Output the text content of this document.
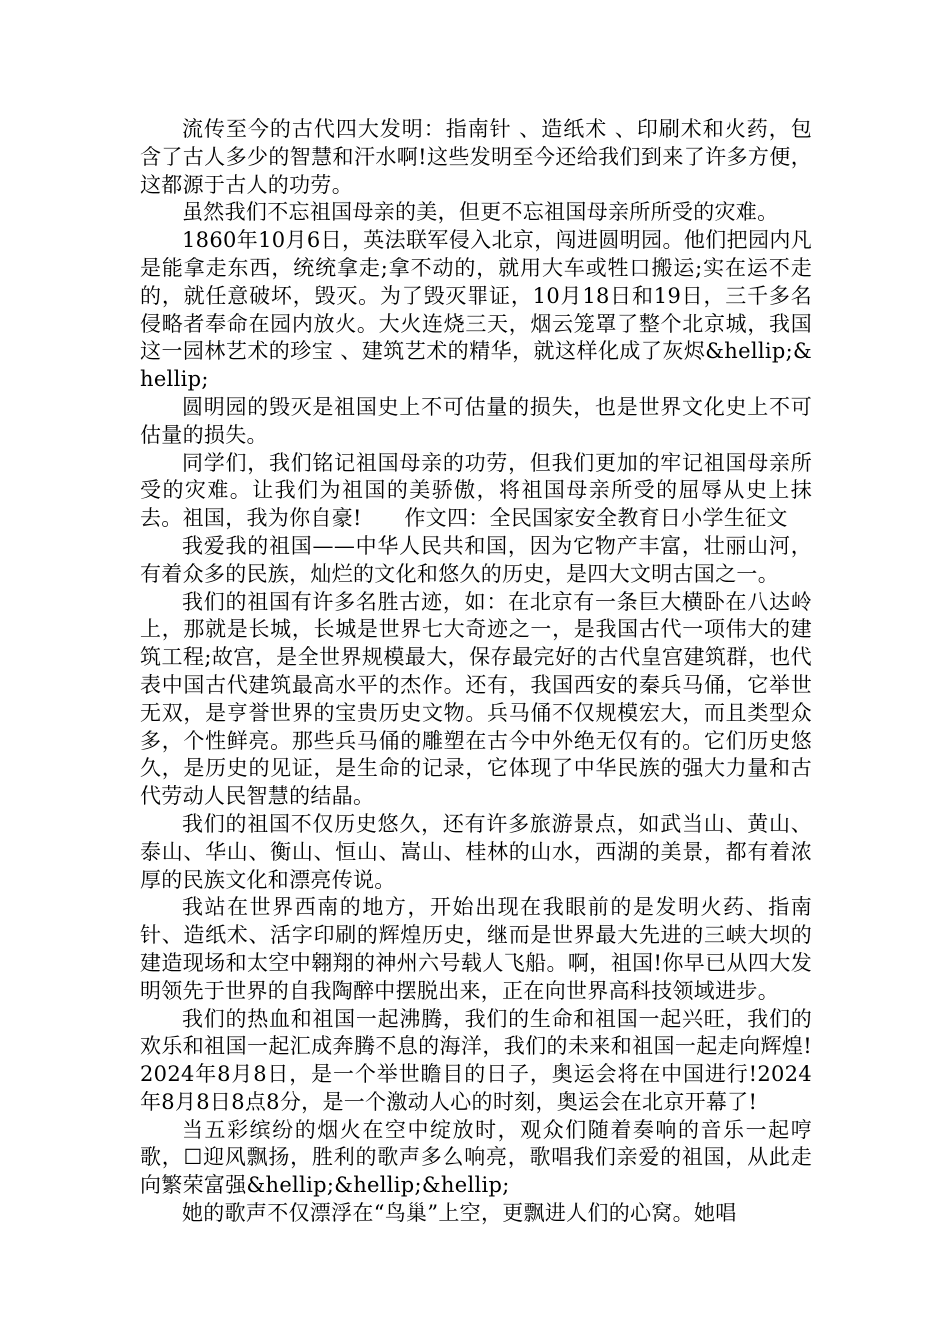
流传至今的古代四大发明：指南针 、造纸术 、印刷术和火药，包含了古人多少的智慧和汗水啊!这些发明至今还给我们到来了许多方便，这都源于古人的功劳。

虽然我们不忘祖国母亲的美，但更不忘祖国母亲所所受的灾难。

1860年10月6日，英法联军侵入北京，闯进圆明园。他们把园内凡是能拿走东西，统统拿走;拿不动的，就用大车或牲口搬运;实在运不走的，就任意破坏，毁灭。为了毁灭罪证，10月18日和19日，三千多名侵略者奉命在园内放火。大火连烧三天，烟云笼罩了整个北京城，我国这一园林艺术的珍宝 、建筑艺术的精华，就这样化成了灰烬&hellip;&hellip;

圆明园的毁灭是祖国史上不可估量的损失，也是世界文化史上不可估量的损失。

同学们，我们铭记祖国母亲的功劳，但我们更加的牢记祖国母亲所受的灾难。让我们为祖国的美骄傲，将祖国母亲所受的屈辱从史上抹去。祖国，我为你自豪!　　作文四：全民国家安全教育日小学生征文

我爱我的祖国——中华人民共和国，因为它物产丰富，壮丽山河，有着众多的民族，灿烂的文化和悠久的历史，是四大文明古国之一。

我们的祖国有许多名胜古迹，如：在北京有一条巨大横卧在八达岭上，那就是长城，长城是世界七大奇迹之一，是我国古代一项伟大的建筑工程;故宫，是全世界规模最大，保存最完好的古代皇宫建筑群，也代表中国古代建筑最高水平的杰作。还有，我国西安的秦兵马俑，它举世无双，是亨誉世界的宝贵历史文物。兵马俑不仅规模宏大，而且类型众多，个性鲜亮。那些兵马俑的雕塑在古今中外绝无仅有的。它们历史悠久，是历史的见证，是生命的记录，它体现了中华民族的强大力量和古代劳动人民智慧的结晶。

我们的祖国不仅历史悠久，还有许多旅游景点，如武当山、黄山、泰山、华山、衡山、恒山、嵩山、桂林的山水，西湖的美景，都有着浓厚的民族文化和漂亮传说。

我站在世界西南的地方，开始出现在我眼前的是发明火药、指南针、造纸术、活字印刷的辉煌历史，继而是世界最大先进的三峡大坝的建造现场和太空中翱翔的神州六号载人飞船。啊，祖国!你早已从四大发明领先于世界的自我陶醉中摆脱出来，正在向世界高科技领域进步。

我们的热血和祖国一起沸腾，我们的生命和祖国一起兴旺，我们的欢乐和祖国一起汇成奔腾不息的海洋，我们的未来和祖国一起走向辉煌!2024年8月8日，是一个举世瞻目的日子，奥运会将在中国进行!2024年8月8日8点8分，是一个激动人心的时刻，奥运会在北京开幕了!

当五彩缤纷的烟火在空中绽放时，观众们随着奏响的音乐一起哼歌，☐迎风飘扬，胜利的歌声多么响亮，歌唱我们亲爱的祖国，从此走向繁荣富强&hellip;&hellip;&hellip;

她的歌声不仅漂浮在“鸟巢”上空，更飘进人们的心窝。她唱
